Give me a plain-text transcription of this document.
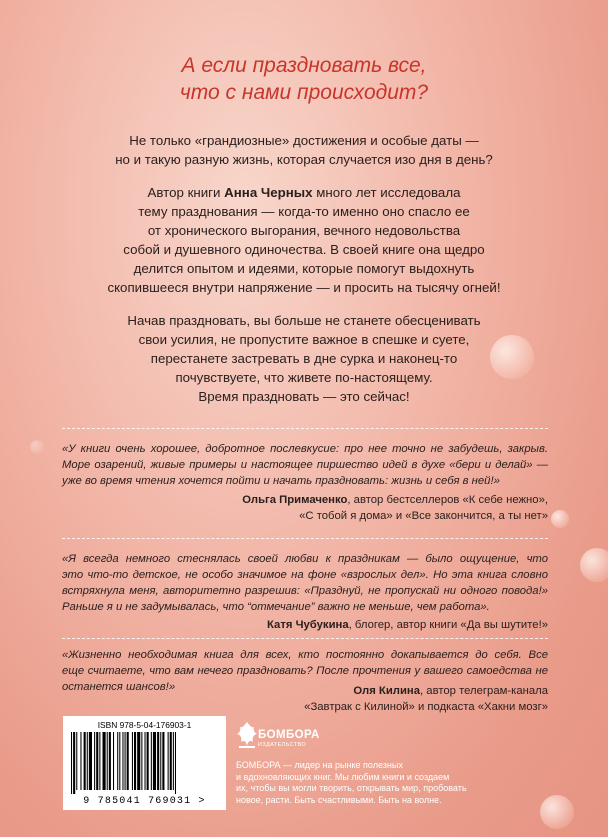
А если праздновать все,
что с нами происходит?
Не только «грандиозные» достижения и особые даты —
но и такую разную жизнь, которая случается изо дня в день?
Автор книги Анна Черных много лет исследовала
тему празднования — когда-то именно оно спасло ее
от хронического выгорания, вечного недовольства
собой и душевного одиночества. В своей книге она щедро
делится опытом и идеями, которые помогут выдохнуть
скопившееся внутри напряжение — и просить на тысячу огней!
Начав праздновать, вы больше не станете обесценивать
свои усилия, не пропустите важное в спешке и суете,
перестанете застревать в дне сурка и наконец-то
почувствуете, что живете по-настоящему.
Время праздновать — это сейчас!
«У книги очень хорошее, добротное послевкусие: про нее точно не забудешь, закрыв.
Море озарений, живые примеры и настоящее пиршество идей в духе «бери и делай» —
уже во время чтения хочется пойти и начать праздновать: жизнь и себя в ней!»
Ольга Примаченко, автор бестселлеров «К себе нежно»,
«С тобой я дома» и «Все закончится, а ты нет»
«Я всегда немного стеснялась своей любви к праздникам — было ощущение, что
это что-то детское, не особо значимое на фоне «взрослых дел». Но эта книга словно
встряхнула меня, авторитетно разрешив: «Празднуй, не пропускай ни одного повода!»
Раньше я и не задумывалась, что “отмечание” важно не меньше, чем работа».
Катя Чубукина, блогер, автор книги «Да вы шутите!»
«Жизненно необходимая книга для всех, кто постоянно докапывается до себя. Все
еще считаете, что вам нечего праздновать? После прочтения у вашего самоедства не
останется шансов!»	Оля Килина, автор телеграм-канала
«Завтрак с Килиной» и подкаста «Хакни мозг»
ISBN 978-5-04-176903-1
9 785041 769031 >
БОМБОРА
ИЗДАТЕЛЬСТВО
БОМБОРА — лидер на рынке полезных
и вдохновляющих книг. Мы любим книги и создаем
их, чтобы вы могли творить, открывать мир, пробовать
новое, расти. Быть счастливыми. Быть на волне.
